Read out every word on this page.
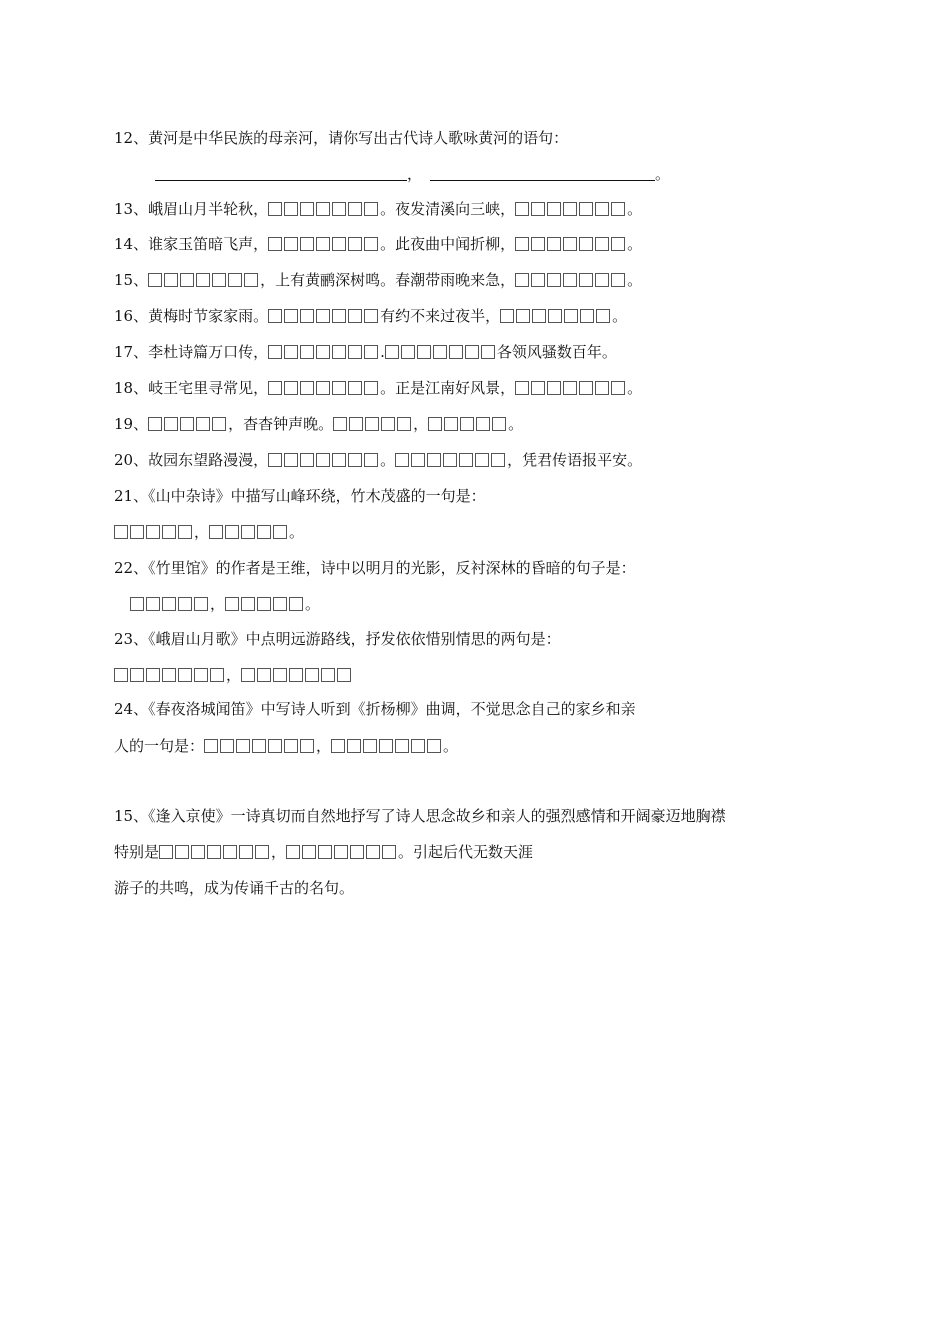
12、黄河是中华民族的母亲河，请你写出古代诗人歌咏黄河的语句：
，	。
13、峨眉山月半轮秋，	。夜发清溪向三峡，	。
14、谁家玉笛暗飞声，	。此夜曲中闻折柳，	。
15、	，上有黄鹂深树鸣。春潮带雨晚来急，	。
16、黄梅时节家家雨。	有约不来过夜半，	。
17、李杜诗篇万口传，	.	各领风骚数百年。
18、岐王宅里寻常见，	。正是江南好风景，	。
19、	，杳杳钟声晚。	，	。
20、故园东望路漫漫，	。	，凭君传语报平安。
21、《山中杂诗》中描写山峰环绕，竹木茂盛的一句是：
，	。
22、《竹里馆》的作者是王维，诗中以明月的光影，反衬深林的昏暗的句子是：
，	。
23、《峨眉山月歌》中点明远游路线，抒发依依惜别情思的两句是：
，
24、《春夜洛城闻笛》中写诗人听到《折杨柳》曲调，不觉思念自己的家乡和亲
人的一句是：	，	。
15、《逢入京使》一诗真切而自然地抒写了诗人思念故乡和亲人的强烈感情和开阔豪迈地胸襟
特别是	，	。引起后代无数天涯
游子的共鸣，成为传诵千古的名句。
